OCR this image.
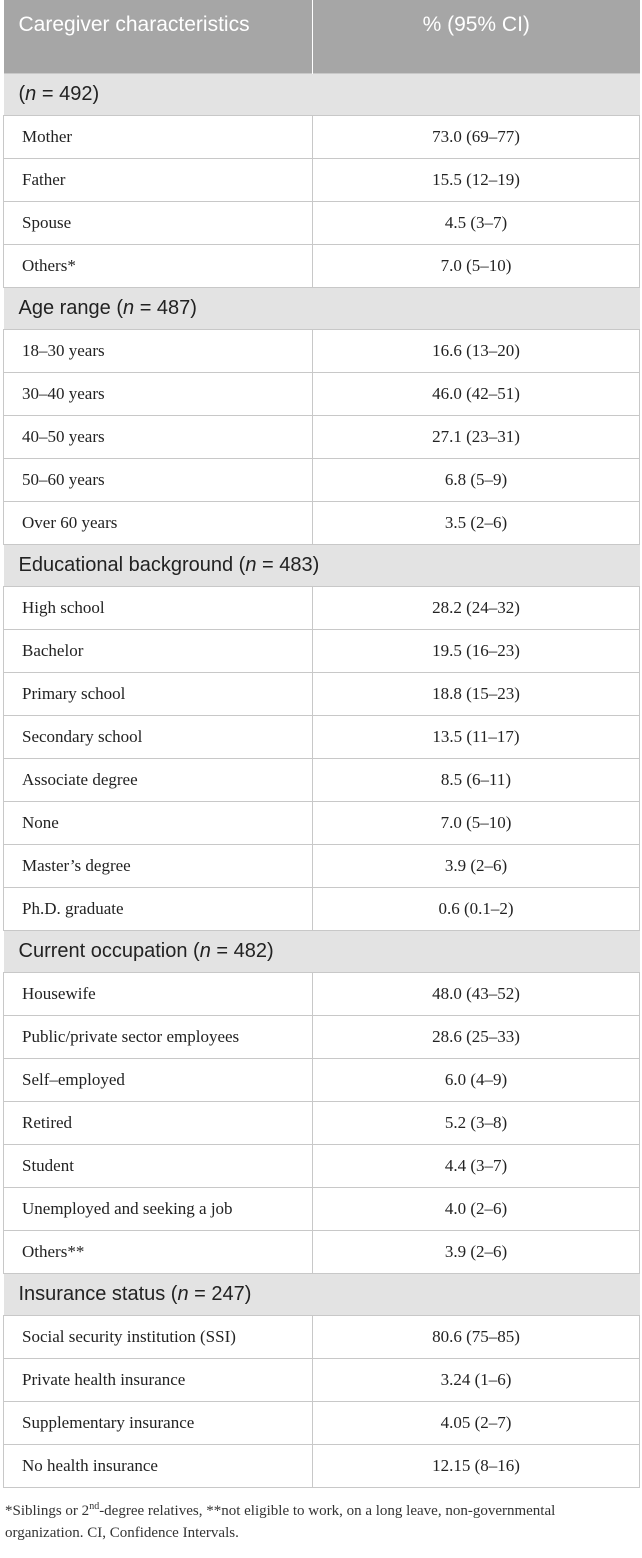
Caregiver characteristics	% (95% CI)

(n = 492)	
Mother	73.0 (69–77)
Father	15.5 (12–19)
Spouse	4.5 (3–7)
Others*	7.0 (5–10)
Age range (n = 487)	
18–30 years	16.6 (13–20)
30–40 years	46.0 (42–51)
40–50 years	27.1 (23–31)
50–60 years	6.8 (5–9)
Over 60 years	3.5 (2–6)
Educational background (n = 483)	
High school	28.2 (24–32)
Bachelor	19.5 (16–23)
Primary school	18.8 (15–23)
Secondary school	13.5 (11–17)
Associate degree	8.5 (6–11)
None	7.0 (5–10)
Master’s degree	3.9 (2–6)
Ph.D. graduate	0.6 (0.1–2)
Current occupation (n = 482)	
Housewife	48.0 (43–52)
Public/private sector employees	28.6 (25–33)
Self–employed	6.0 (4–9)
Retired	5.2 (3–8)
Student	4.4 (3–7)
Unemployed and seeking a job	4.0 (2–6)
Others**	3.9 (2–6)
Insurance status (n = 247)	
Social security institution (SSI)	80.6 (75–85)
Private health insurance	3.24 (1–6)
Supplementary insurance	4.05 (2–7)
No health insurance	12.15 (8–16)
*Siblings or 2nd-degree relatives, **not eligible to work, on a long leave, non-governmental organization. CI, Confidence Intervals.
